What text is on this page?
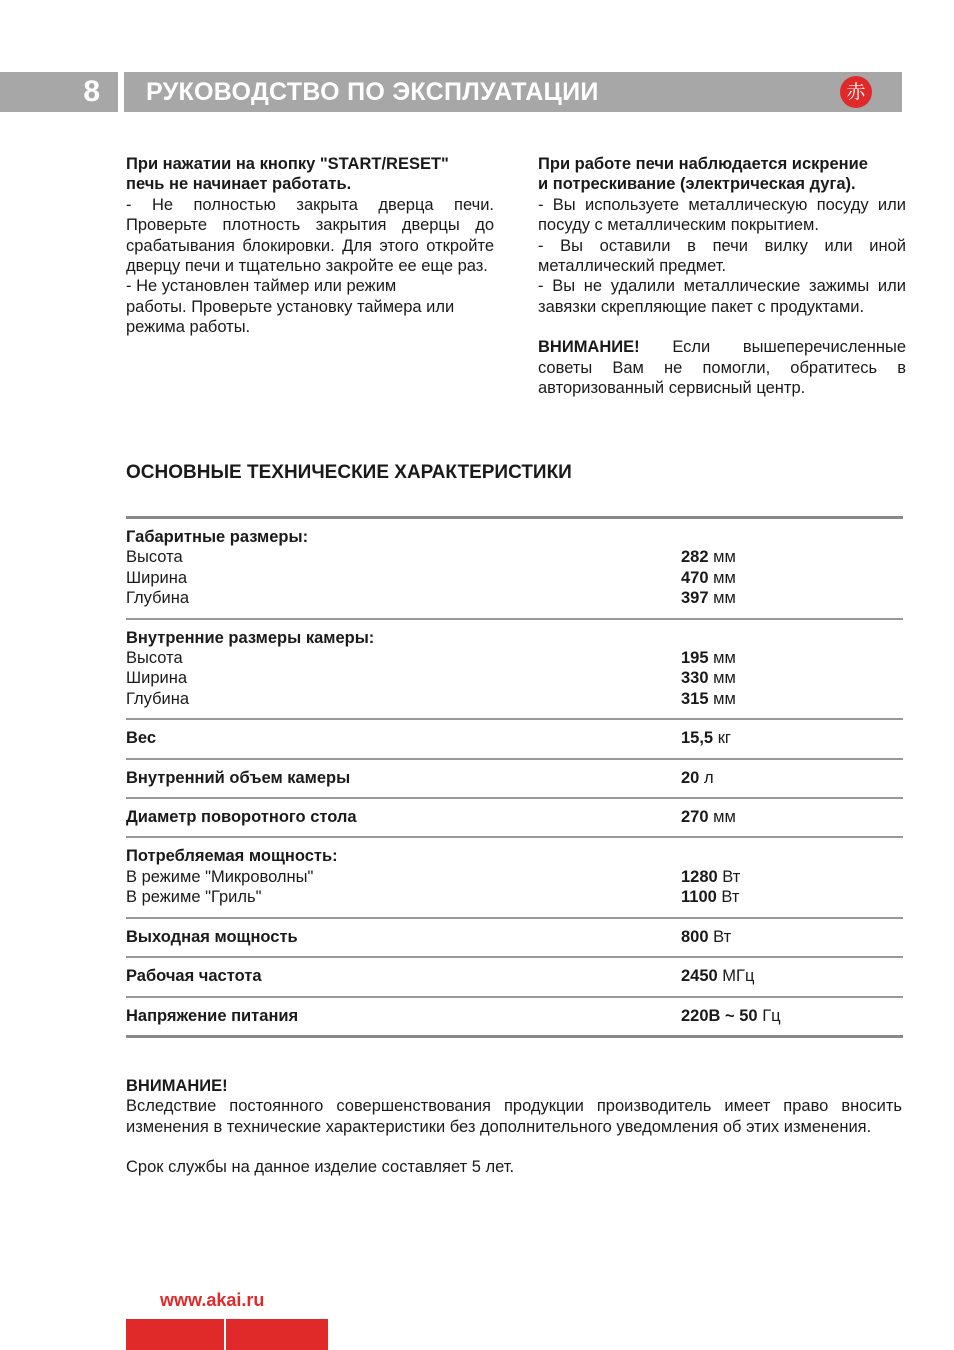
8	РУКОВОДСТВО ПО ЭКСПЛУАТАЦИИ	赤
При нажатии на кнопку "START/RESET"
печь не начинает работать.

- Не полностью закрыта дверца печи. Проверьте плотность закрытия дверцы до срабатывания блокировки. Для этого откройте дверцу печи и тщательно закройте ее еще раз.

- Не установлен таймер или режим
работы. Проверьте установку таймера или
режима работы.

При работе печи наблюдается искрение
и потрескивание (электрическая дуга).

- Вы используете металлическую посуду или посуду с металлическим покрытием.

- Вы оставили в печи вилку или иной металлический предмет.

- Вы не удалили металлические зажимы или завязки скрепляющие пакет с продуктами.

ВНИМАНИЕ! Если вышеперечисленные советы Вам не помогли, обратитесь в авторизованный сервисный центр.

ОСНОВНЫЕ ТЕХНИЧЕСКИЕ ХАРАКТЕРИСТИКИ
Габаритные размеры:
Высота	282 мм
Ширина	470 мм
Глубина	397 мм
Внутренние размеры камеры:
Высота	195 мм
Ширина	330 мм
Глубина	315 мм
Вес	15,5 кг
Внутренний объем камеры	20 л
Диаметр поворотного стола	270 мм
Потребляемая мощность:
В режиме "Микроволны"	1280 Вт
В режиме "Гриль"	1100 Вт
Выходная мощность	800 Вт
Рабочая частота	2450 МГц
Напряжение питания	220В ~ 50 Гц
ВНИМАНИЕ!

Вследствие постоянного совершенствования продукции производитель имеет право вносить изменения в технические характеристики без дополнительного уведомления об этих изменения.

Срок службы на данное изделие составляет 5 лет.

www.akai.ru
